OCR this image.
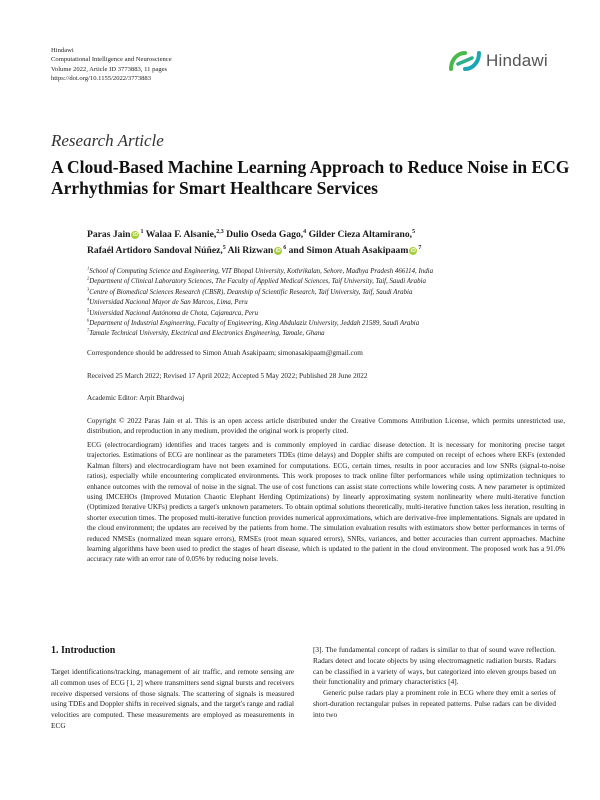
Hindawi
Computational Intelligence and Neuroscience
Volume 2022, Article ID 3773883, 11 pages
https://doi.org/10.1155/2022/3773883
Hindawi
Research Article
A Cloud-Based Machine Learning Approach to Reduce Noise in ECG Arrhythmias for Smart Healthcare Services
Paras Jain iD $^1$ Walaa F. Alsanie,$^{2,3}$ Dulio Oseda Gago,$^4$ Gilder Cieza Altamirano,$^5$
Rafaél Artidoro Sandoval Núñez,$^5$ Ali Rizwan iD $^6$ and Simon Atuah Asakipaam iD $^7$
$^1$School of Computing Science and Engineering, VIT Bhopal University, Kothrikalan, Sehore, Madhya Pradesh 466114, India
$^2$Department of Clinical Laboratory Sciences, The Faculty of Applied Medical Sciences, Taif University, Taif, Saudi Arabia
$^3$Centre of Biomedical Sciences Research (CBSR), Deanship of Scientific Research, Taif University, Taif, Saudi Arabia
$^4$Universidad Nacional Mayor de San Marcos, Lima, Peru
$^5$Universidad Nacional Autónoma de Chota, Cajamarca, Peru
$^6$Department of Industrial Engineering, Faculty of Engineering, King Abdulaziz University, Jeddah 21589, Saudi Arabia
$^7$Tamale Technical University, Electrical and Electronics Engineering, Tamale, Ghana
Correspondence should be addressed to Simon Atuah Asakipaam; simonasakipaam@gmail.com
Received 25 March 2022; Revised 17 April 2022; Accepted 5 May 2022; Published 28 June 2022
Academic Editor: Arpit Bhardwaj
Copyright © 2022 Paras Jain et al. This is an open access article distributed under the Creative Commons Attribution License, which permits unrestricted use, distribution, and reproduction in any medium, provided the original work is properly cited.
ECG (electrocardiogram) identifies and traces targets and is commonly employed in cardiac disease detection. It is necessary for monitoring precise target trajectories. Estimations of ECG are nonlinear as the parameters TDEs (time delays) and Doppler shifts are computed on receipt of echoes where EKFs (extended Kalman filters) and electrocardiogram have not been examined for computations. ECG, certain times, results in poor accuracies and low SNRs (signal-to-noise ratios), especially while encountering complicated environments. This work proposes to track online filter performances while using optimization techniques to enhance outcomes with the removal of noise in the signal. The use of cost functions can assist state corrections while lowering costs. A new parameter is optimized using IMCEHOs (Improved Mutation Chaotic Elephant Herding Optimizations) by linearly approximating system nonlinearity where multi-iterative function (Optimized Iterative UKFs) predicts a target's unknown parameters. To obtain optimal solutions theoretically, multi-iterative function takes less iteration, resulting in shorter execution times. The proposed multi-iterative function provides numerical approximations, which are derivative-free implementations. Signals are updated in the cloud environment; the updates are received by the patients from home. The simulation evaluation results with estimators show better performances in terms of reduced NMSEs (normalized mean square errors), RMSEs (root mean squared errors), SNRs, variances, and better accuracies than current approaches. Machine learning algorithms have been used to predict the stages of heart disease, which is updated to the patient in the cloud environment. The proposed work has a 91.0% accuracy rate with an error rate of 0.05% by reducing noise levels.
1. Introduction

Target identifications/tracking, management of air traffic, and remote sensing are all common uses of ECG [1, 2] where transmitters send signal bursts and receivers receive dispersed versions of those signals. The scattering of signals is measured using TDEs and Doppler shifts in received signals, and the target's range and radial velocities are computed. These measurements are employed as measurements in ECG

[3]. The fundamental concept of radars is similar to that of sound wave reflection. Radars detect and locate objects by using electromagnetic radiation bursts. Radars can be classified in a variety of ways, but categorized into eleven groups based on their functionality and primary characteristics [4].

Generic pulse radars play a prominent role in ECG where they emit a series of short-duration rectangular pulses in repeated patterns. Pulse radars can be divided into two
